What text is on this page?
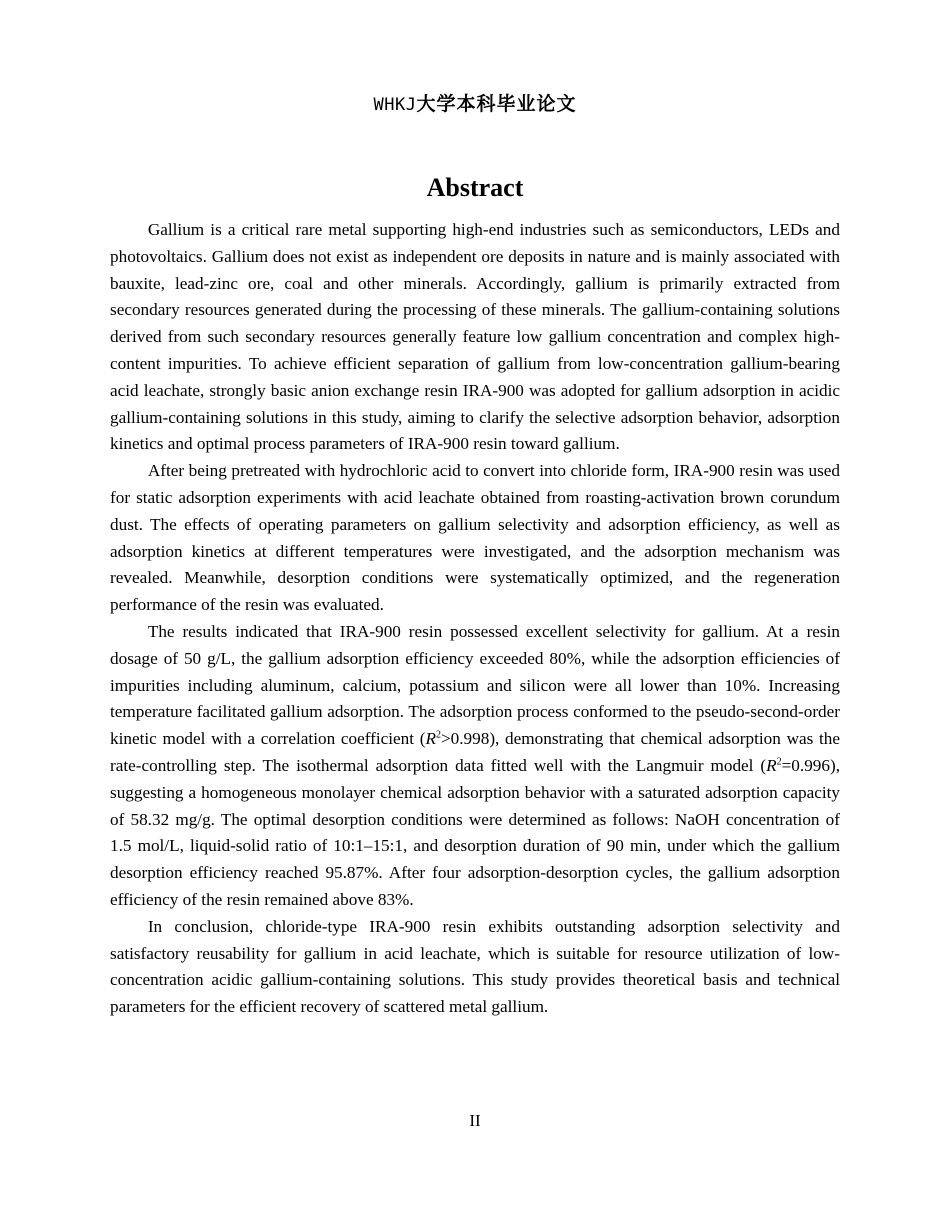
WHKJ大学本科毕业论文
Abstract

Gallium is a critical rare metal supporting high-end industries such as semiconductors, LEDs and photovoltaics. Gallium does not exist as independent ore deposits in nature and is mainly associated with bauxite, lead-zinc ore, coal and other minerals. Accordingly, gallium is primarily extracted from secondary resources generated during the processing of these minerals. The gallium-containing solutions derived from such secondary resources generally feature low gallium concentration and complex high-content impurities. To achieve efficient separation of gallium from low-concentration gallium-bearing acid leachate, strongly basic anion exchange resin IRA-900 was adopted for gallium adsorption in acidic gallium-containing solutions in this study, aiming to clarify the selective adsorption behavior, adsorption kinetics and optimal process parameters of IRA-900 resin toward gallium.

After being pretreated with hydrochloric acid to convert into chloride form, IRA-900 resin was used for static adsorption experiments with acid leachate obtained from roasting-activation brown corundum dust. The effects of operating parameters on gallium selectivity and adsorption efficiency, as well as adsorption kinetics at different temperatures were investigated, and the adsorption mechanism was revealed. Meanwhile, desorption conditions were systematically optimized, and the regeneration performance of the resin was evaluated.

The results indicated that IRA-900 resin possessed excellent selectivity for gallium. At a resin dosage of 50 g/L, the gallium adsorption efficiency exceeded 80%, while the adsorption efficiencies of impurities including aluminum, calcium, potassium and silicon were all lower than 10%. Increasing temperature facilitated gallium adsorption. The adsorption process conformed to the pseudo-second-order kinetic model with a correlation coefficient $(R^2>0.998)$, demonstrating that chemical adsorption was the rate-controlling step. The isothermal adsorption data fitted well with the Langmuir model $(R^2=0.996)$, suggesting a homogeneous monolayer chemical adsorption behavior with a saturated adsorption capacity of 58.32 mg/g. The optimal desorption conditions were determined as follows: NaOH concentration of 1.5 mol/L, liquid-solid ratio of 10:1–15:1, and desorption duration of 90 min, under which the gallium desorption efficiency reached 95.87%. After four adsorption-desorption cycles, the gallium adsorption efficiency of the resin remained above 83%.

In conclusion, chloride-type IRA-900 resin exhibits outstanding adsorption selectivity and satisfactory reusability for gallium in acid leachate, which is suitable for resource utilization of low-concentration acidic gallium-containing solutions. This study provides theoretical basis and technical parameters for the efficient recovery of scattered metal gallium.

II
